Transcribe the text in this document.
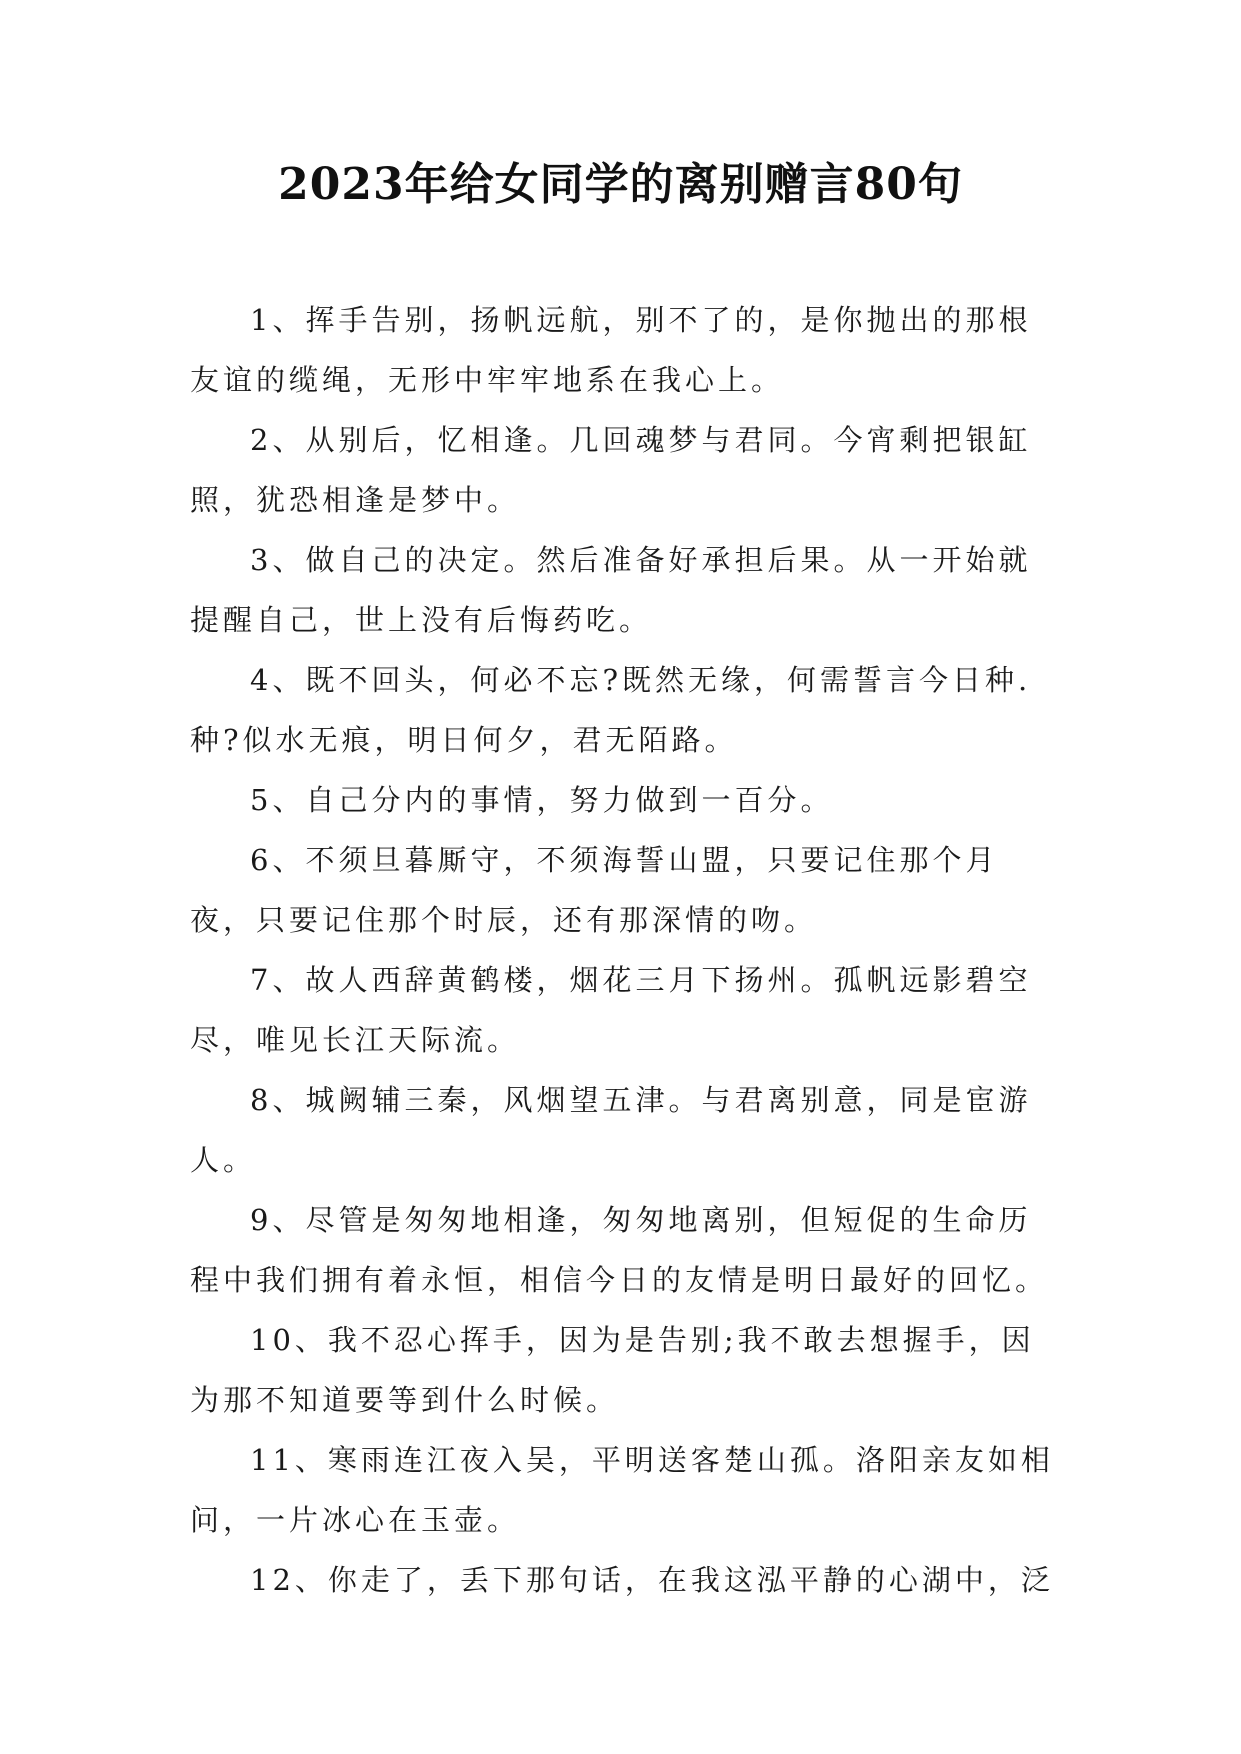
2023年给女同学的离别赠言80句

1、挥手告别，扬帆远航，别不了的，是你抛出的那根友谊的缆绳，无形中牢牢地系在我心上。

2、从别后，忆相逢。几回魂梦与君同。今宵剩把银缸照，犹恐相逢是梦中。

3、做自己的决定。然后准备好承担后果。从一开始就提醒自己，世上没有后悔药吃。

4、既不回头，何必不忘?既然无缘，何需誓言今日种.种?似水无痕，明日何夕，君无陌路。

5、自己分内的事情，努力做到一百分。

6、不须旦暮厮守，不须海誓山盟，只要记住那个月夜，只要记住那个时辰，还有那深情的吻。

7、故人西辞黄鹤楼，烟花三月下扬州。孤帆远影碧空尽，唯见长江天际流。

8、城阙辅三秦，风烟望五津。与君离别意，同是宦游人。

9、尽管是匆匆地相逢，匆匆地离别，但短促的生命历程中我们拥有着永恒，相信今日的友情是明日最好的回忆。

10、我不忍心挥手，因为是告别;我不敢去想握手，因为那不知道要等到什么时候。

11、寒雨连江夜入吴，平明送客楚山孤。洛阳亲友如相问，一片冰心在玉壶。

12、你走了，丢下那句话，在我这泓平静的心湖中，泛
